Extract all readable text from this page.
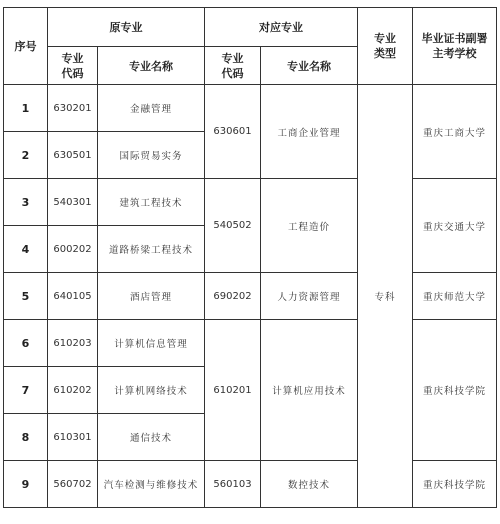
序号	原专业		对应专业		专业类型	毕业证书副署主考学校

	专业代码	专业名称	专业代码	专业名称		
1	630201	金融管理	630601	工商企业管理	专科	重庆工商大学
2	630501	国际贸易实务				
3	540301	建筑工程技术	540502	工程造价		重庆交通大学
4	600202	道路桥梁工程技术				
5	640105	酒店管理	690202	人力资源管理		重庆师范大学
6	610203	计算机信息管理	610201	计算机应用技术		重庆科技学院
7	610202	计算机网络技术				
8	610301	通信技术				
9	560702	汽车检测与维修技术	560103	数控技术		重庆科技学院
